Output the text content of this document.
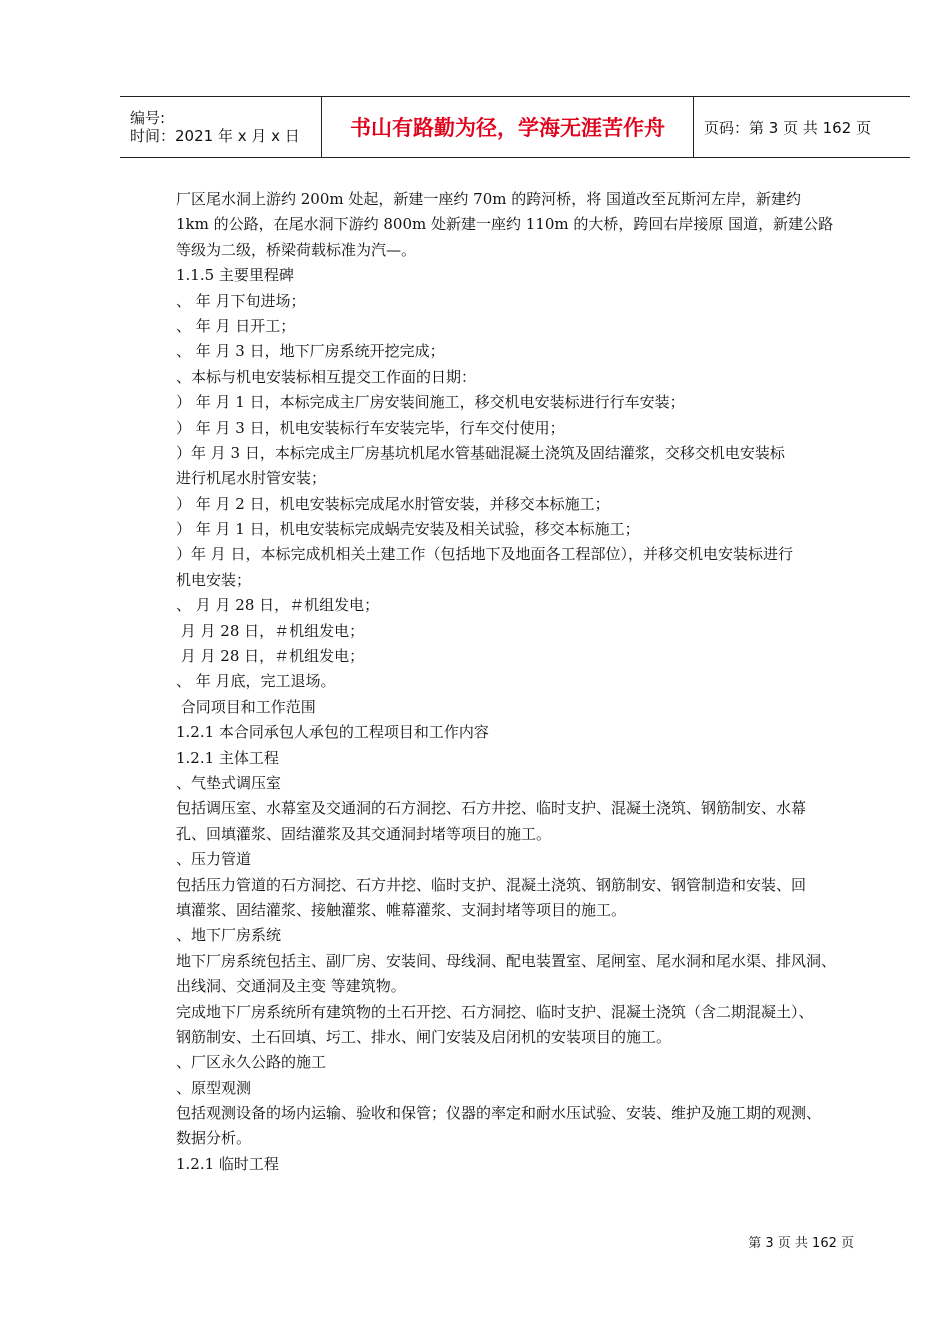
编号:
时间：2021 年 x 月 x 日	书山有路勤为径，学海无涯苦作舟	页码：第 3 页 共 162 页
厂区尾水洞上游约 200m 处起，新建一座约 70m 的跨河桥，将 国道改至瓦斯河左岸，新建约
1km 的公路，在尾水洞下游约 800m 处新建一座约 110m 的大桥，跨回右岸接原 国道，新建公路
等级为二级，桥梁荷载标准为汽—。
1.1.5 主要里程碑
、 年 月下旬进场；
、 年 月 日开工；
、 年 月 3 日，地下厂房系统开挖完成；
、本标与机电安装标相互提交工作面的日期：
） 年 月 1 日，本标完成主厂房安装间施工，移交机电安装标进行行车安装；
） 年 月 3 日，机电安装标行车安装完毕，行车交付使用；
）年 月 3 日，本标完成主厂房基坑机尾水管基础混凝土浇筑及固结灌浆，交移交机电安装标
进行机尾水肘管安装；
） 年 月 2 日，机电安装标完成尾水肘管安装，并移交本标施工；
） 年 月 1 日，机电安装标完成蜗壳安装及相关试验，移交本标施工；
）年 月 日，本标完成机相关土建工作（包括地下及地面各工程部位），并移交机电安装标进行
机电安装；
、 月 月 28 日，＃机组发电；
月 月 28 日，＃机组发电；
月 月 28 日，＃机组发电；
、 年 月底，完工退场。
合同项目和工作范围
1.2.1 本合同承包人承包的工程项目和工作内容
1.2.1 主体工程
、气垫式调压室
包括调压室、水幕室及交通洞的石方洞挖、石方井挖、临时支护、混凝土浇筑、钢筋制安、水幕
孔、回填灌浆、固结灌浆及其交通洞封堵等项目的施工。
、压力管道
包括压力管道的石方洞挖、石方井挖、临时支护、混凝土浇筑、钢筋制安、钢管制造和安装、回
填灌浆、固结灌浆、接触灌浆、帷幕灌浆、支洞封堵等项目的施工。
、地下厂房系统
地下厂房系统包括主、副厂房、安装间、母线洞、配电装置室、尾闸室、尾水洞和尾水渠、排风洞、
出线洞、交通洞及主变 等建筑物。
完成地下厂房系统所有建筑物的土石开挖、石方洞挖、临时支护、混凝土浇筑（含二期混凝土）、
钢筋制安、土石回填、圬工、排水、闸门安装及启闭机的安装项目的施工。
、厂区永久公路的施工
、原型观测
包括观测设备的场内运输、验收和保管；仪器的率定和耐水压试验、安装、维护及施工期的观测、
数据分析。
1.2.1 临时工程
第 3 页 共 162 页
